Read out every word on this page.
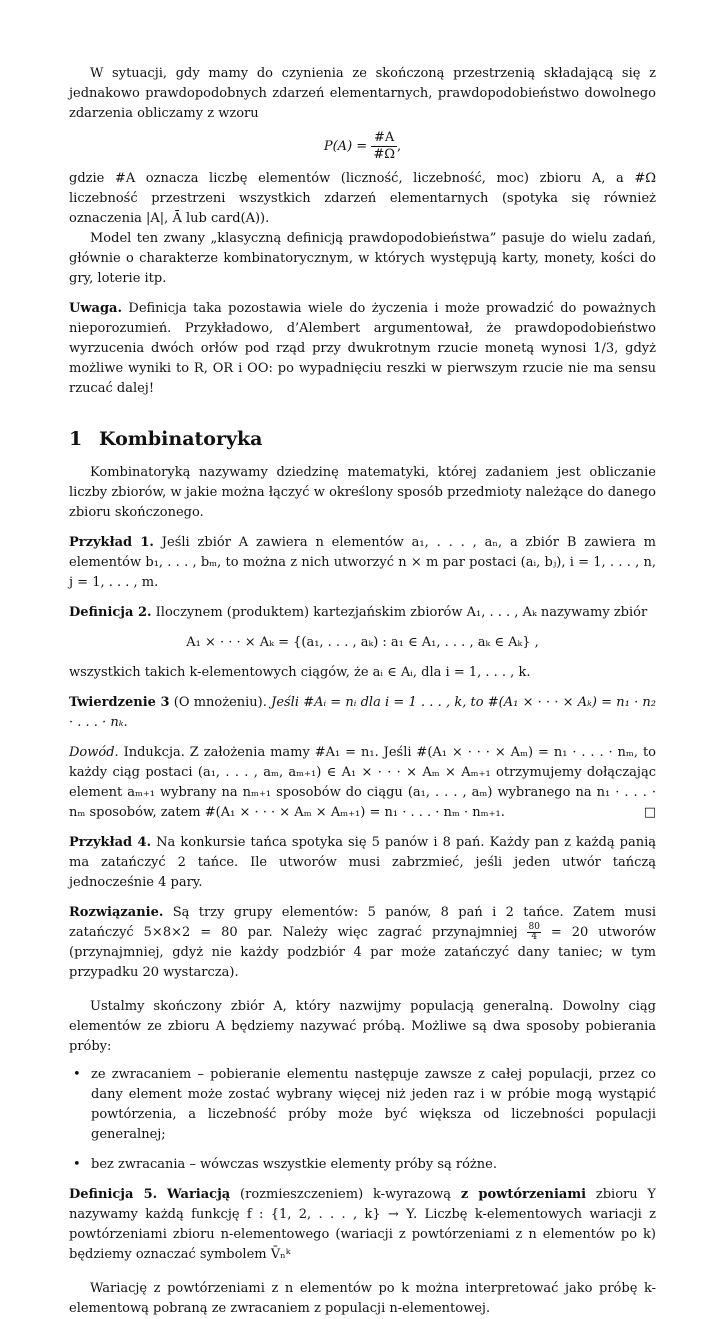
W sytuacji, gdy mamy do czynienia ze skończoną przestrzenią składającą się z jednakowo prawdopodobnych zdarzeń elementarnych, prawdopodobieństwo dowolnego zdarzenia obliczamy z wzoru

$P(A) = \frac{\#A}{\#\Omega}$ ,

gdzie #A oznacza liczbę elementów (liczność, liczebność, moc) zbioru A, a #Ω liczebność przestrzeni wszystkich zdarzeń elementarnych (spotyka się również oznaczenia |A|, Ā lub card(A)).

Model ten zwany „klasyczną definicją prawdopodobieństwa” pasuje do wielu zadań, głównie o charakterze kombinatorycznym, w których występują karty, monety, kości do gry, loterie itp.

Uwaga. Definicja taka pozostawia wiele do życzenia i może prowadzić do poważnych nieporozumień. Przykładowo, d’Alembert argumentował, że prawdopodobieństwo wyrzucenia dwóch orłów pod rząd przy dwukrotnym rzucie monetą wynosi 1/3, gdyż możliwe wyniki to R, OR i OO: po wypadnięciu reszki w pierwszym rzucie nie ma sensu rzucać dalej!

1 Kombinatoryka

Kombinatoryką nazywamy dziedzinę matematyki, której zadaniem jest obliczanie liczby zbiorów, w jakie można łączyć w określony sposób przedmioty należące do danego zbioru skończonego.

Przykład 1. Jeśli zbiór A zawiera n elementów a₁, . . . , aₙ, a zbiór B zawiera m elementów b₁, . . . , bₘ, to można z nich utworzyć n × m par postaci (aᵢ, bⱼ), i = 1, . . . , n, j = 1, . . . , m.

Definicja 2. Iloczynem (produktem) kartezjańskim zbiorów A₁, . . . , Aₖ nazywamy zbiór

A₁ × · · · × Aₖ = {(a₁, . . . , aₖ) : a₁ ∈ A₁, . . . , aₖ ∈ Aₖ} ,

wszystkich takich k-elementowych ciągów, że aᵢ ∈ Aᵢ, dla i = 1, . . . , k.

Twierdzenie 3 (O mnożeniu). Jeśli #Aᵢ = nᵢ dla i = 1 . . . , k, to #(A₁ × · · · × Aₖ) = n₁ · n₂ · . . . · nₖ.

Dowód. Indukcja. Z założenia mamy #A₁ = n₁. Jeśli #(A₁ × · · · × Aₘ) = n₁ · . . . · nₘ, to każdy ciąg postaci (a₁, . . . , aₘ, aₘ₊₁) ∈ A₁ × · · · × Aₘ × Aₘ₊₁ otrzymujemy dołączając element aₘ₊₁ wybrany na nₘ₊₁ sposobów do ciągu (a₁, . . . , aₘ) wybranego na n₁ · . . . · nₘ sposobów, zatem #(A₁ × · · · × Aₘ × Aₘ₊₁) = n₁ · . . . · nₘ · nₘ₊₁.	□

Przykład 4. Na konkursie tańca spotyka się 5 panów i 8 pań. Każdy pan z każdą panią ma zatańczyć 2 tańce. Ile utworów musi zabrzmieć, jeśli jeden utwór tańczą jednocześnie 4 pary.

Rozwiązanie. Są trzy grupy elementów: 5 panów, 8 pań i 2 tańce. Zatem musi zatańczyć 5×8×2 = 80 par. Należy więc zagrać przynajmniej $\frac{80}{4} = 20$ utworów (przynajmniej, gdyż nie każdy podzbiór 4 par może zatańczyć dany taniec; w tym przypadku 20 wystarcza).

Ustalmy skończony zbiór A, który nazwijmy populacją generalną. Dowolny ciąg elementów ze zbioru A będziemy nazywać próbą. Możliwe są dwa sposoby pobierania próby:

• ze zwracaniem – pobieranie elementu następuje zawsze z całej populacji, przez co dany element może zostać wybrany więcej niż jeden raz i w próbie mogą wystąpić powtórzenia, a liczebność próby może być większa od liczebności populacji generalnej;
• bez zwracania – wówczas wszystkie elementy próby są różne.

Definicja 5. Wariacją (rozmieszczeniem) k-wyrazową z powtórzeniami zbioru Y nazywamy każdą funkcję f : {1, 2, . . . , k} → Y. Liczbę k-elementowych wariacji z powtórzeniami zbioru n-elementowego (wariacji z powtórzeniami z n elementów po k) będziemy oznaczać symbolem V̄ₙᵏ

Wariację z powtórzeniami z n elementów po k można interpretować jako próbę k-elementową pobraną ze zwracaniem z populacji n-elementowej.
